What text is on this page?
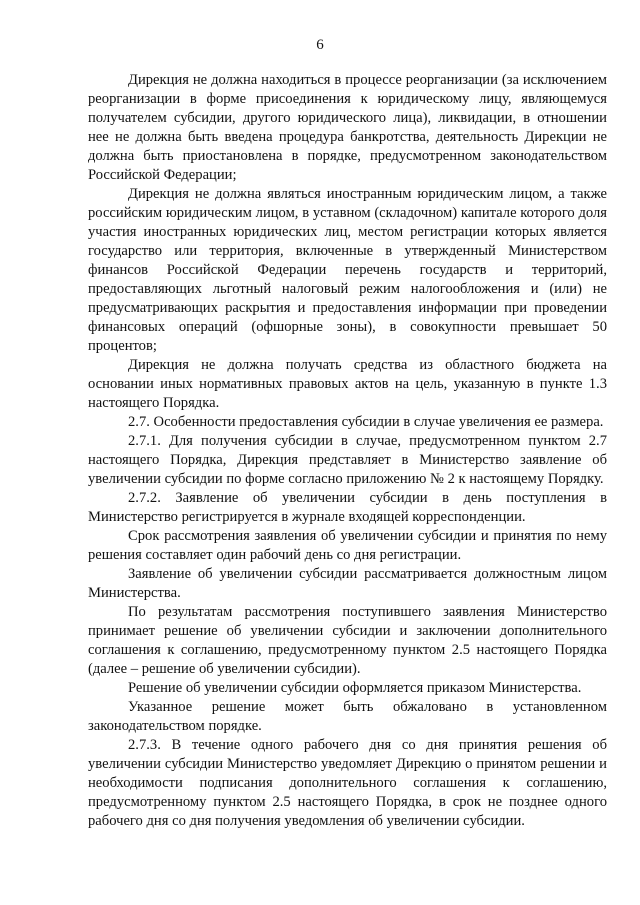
6

Дирекция не должна находиться в процессе реорганизации (за исключением реорганизации в форме присоединения к юридическому лицу, являющемуся получателем субсидии, другого юридического лица), ликвидации, в отношении нее не должна быть введена процедура банкротства, деятельность Дирекции не должна быть приостановлена в порядке, предусмотренном законодательством Российской Федерации;

Дирекция не должна являться иностранным юридическим лицом, а также российским юридическим лицом, в уставном (складочном) капитале которого доля участия иностранных юридических лиц, местом регистрации которых является государство или территория, включенные в утвержденный Министерством финансов Российской Федерации перечень государств и территорий, предоставляющих льготный налоговый режим налогообложения и (или) не предусматривающих раскрытия и предоставления информации при проведении финансовых операций (офшорные зоны), в совокупности превышает 50 процентов;

Дирекция не должна получать средства из областного бюджета на основании иных нормативных правовых актов на цель, указанную в пункте 1.3 настоящего Порядка.

2.7. Особенности предоставления субсидии в случае увеличения ее размера.

2.7.1. Для получения субсидии в случае, предусмотренном пунктом 2.7 настоящего Порядка, Дирекция представляет в Министерство заявление об увеличении субсидии по форме согласно приложению № 2 к настоящему Порядку.

2.7.2. Заявление об увеличении субсидии в день поступления в Министерство регистрируется в журнале входящей корреспонденции.

Срок рассмотрения заявления об увеличении субсидии и принятия по нему решения составляет один рабочий день со дня регистрации.

Заявление об увеличении субсидии рассматривается должностным лицом Министерства.

По результатам рассмотрения поступившего заявления Министерство принимает решение об увеличении субсидии и заключении дополнительного соглашения к соглашению, предусмотренному пунктом 2.5 настоящего Порядка (далее – решение об увеличении субсидии).

Решение об увеличении субсидии оформляется приказом Министерства.

Указанное решение может быть обжаловано в установленном законодательством порядке.

2.7.3. В течение одного рабочего дня со дня принятия решения об увеличении субсидии Министерство уведомляет Дирекцию о принятом решении и необходимости подписания дополнительного соглашения к соглашению, предусмотренному пунктом 2.5 настоящего Порядка, в срок не позднее одного рабочего дня со дня получения уведомления об увеличении субсидии.
